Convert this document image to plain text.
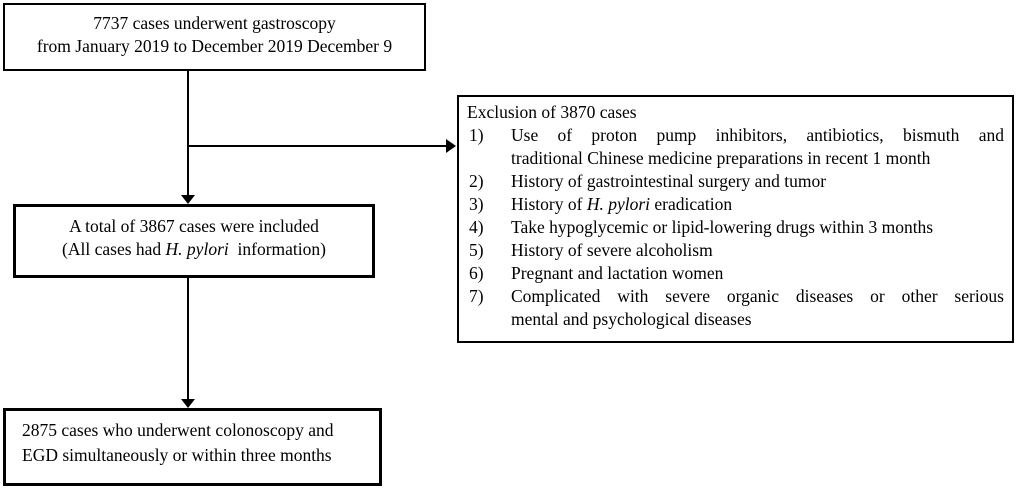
7737 cases underwent gastroscopy
from January 2019 to December 2019 December 9
Exclusion of 3870 cases
1)	Use of proton pump inhibitors, antibiotics, bismuth and
traditional Chinese medicine preparations in recent 1 month
2)	History of gastrointestinal surgery and tumor
3)	History of H. pylori eradication
4)	Take hypoglycemic or lipid-lowering drugs within 3 months
5)	History of severe alcoholism
6)	Pregnant and lactation women
7)	Complicated with severe organic diseases or other serious
mental and psychological diseases
A total of 3867 cases were included
(All cases had H. pylori  information)
2875 cases who underwent colonoscopy and
EGD simultaneously or within three months
